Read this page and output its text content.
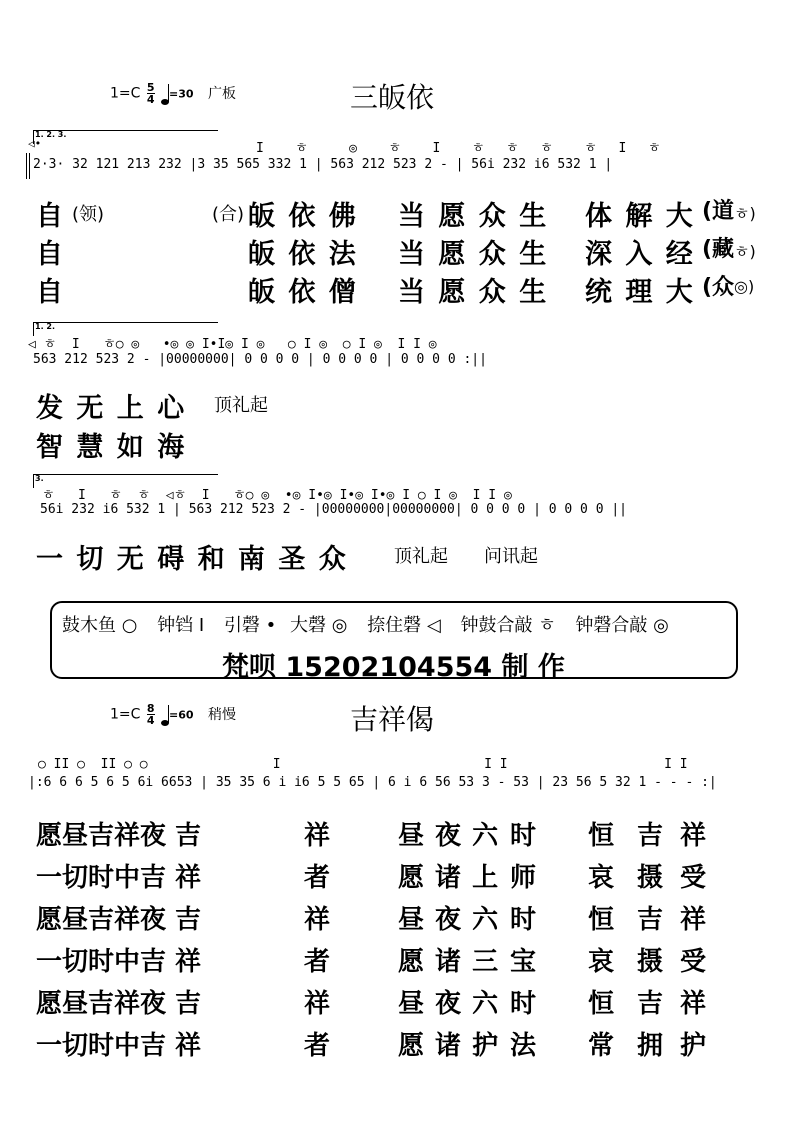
$1=C \frac{5}{4} =30$ 广板	三皈依
1. 2. 3.
◁•	I   ㅎ    ◎   ㅎ   I   ㅎ  ㅎ  ㅎ   ㅎ  I  ㅎ
2·3· 32 121 213 232 |3 35 565 332 1 | 563 212 523 2 - | 56i 232 i6 532 1 |
自 (领)	(合) 皈 依 佛 当 愿 众 生 体 解 大 (道 ㅎ)
自	皈 依 法 当 愿 众 生 深 入 经 (藏 ㅎ)
自	皈 依 僧 当 愿 众 生 统 理 大 (众 ◎)
1. 2.
◁ ㅎ  I   ㅎ○ ◎   •◎ ◎ I•I◎ I ◎   ○ I ◎  ○ I ◎  I I ◎
563 212 523 2 - |00000000| 0 0 0 0 | 0 0 0 0 | 0 0 0 0 :||
发 无 上 心 顶礼起
智 慧 如 海
3.
ㅎ   I   ㅎ  ㅎ  ◁ㅎ  I   ㅎ○ ◎  •◎ I•◎ I•◎ I•◎ I ○ I ◎  I I ◎
56i 232 i6 532 1 | 563 212 523 2 - |00000000|00000000| 0 0 0 0 | 0 0 0 0 ||
一 切 无 碍 和 南 圣 众	顶礼起 问讯起
鼓木鱼 ○ 钟铛 I 引磬 • 大磬 ◎ 捺住磬 ◁ 钟鼓合敲 ㅎ 钟磬合敲 ◎
梵呗 15202104554 制 作
$1=C \frac{8}{4} =60$ 稍慢	吉祥偈
○ II ○  II ○ ○                I                          I I                    I I
|:6 6 6 5 6 5 6i 6653 | 35 35 6 i i6 5 5 65 | 6 i 6 56 53 3 - 53 | 23 56 5 32 1 - - - :|
愿昼吉祥夜 吉	祥	昼 夜 六 时 恒 吉 祥
一切时中吉 祥	者	愿 诸 上 师 哀 摄 受
愿昼吉祥夜 吉	祥	昼 夜 六 时 恒 吉 祥
一切时中吉 祥	者	愿 诸 三 宝 哀 摄 受
愿昼吉祥夜 吉	祥	昼 夜 六 时 恒 吉 祥
一切时中吉 祥	者	愿 诸 护 法 常 拥 护
